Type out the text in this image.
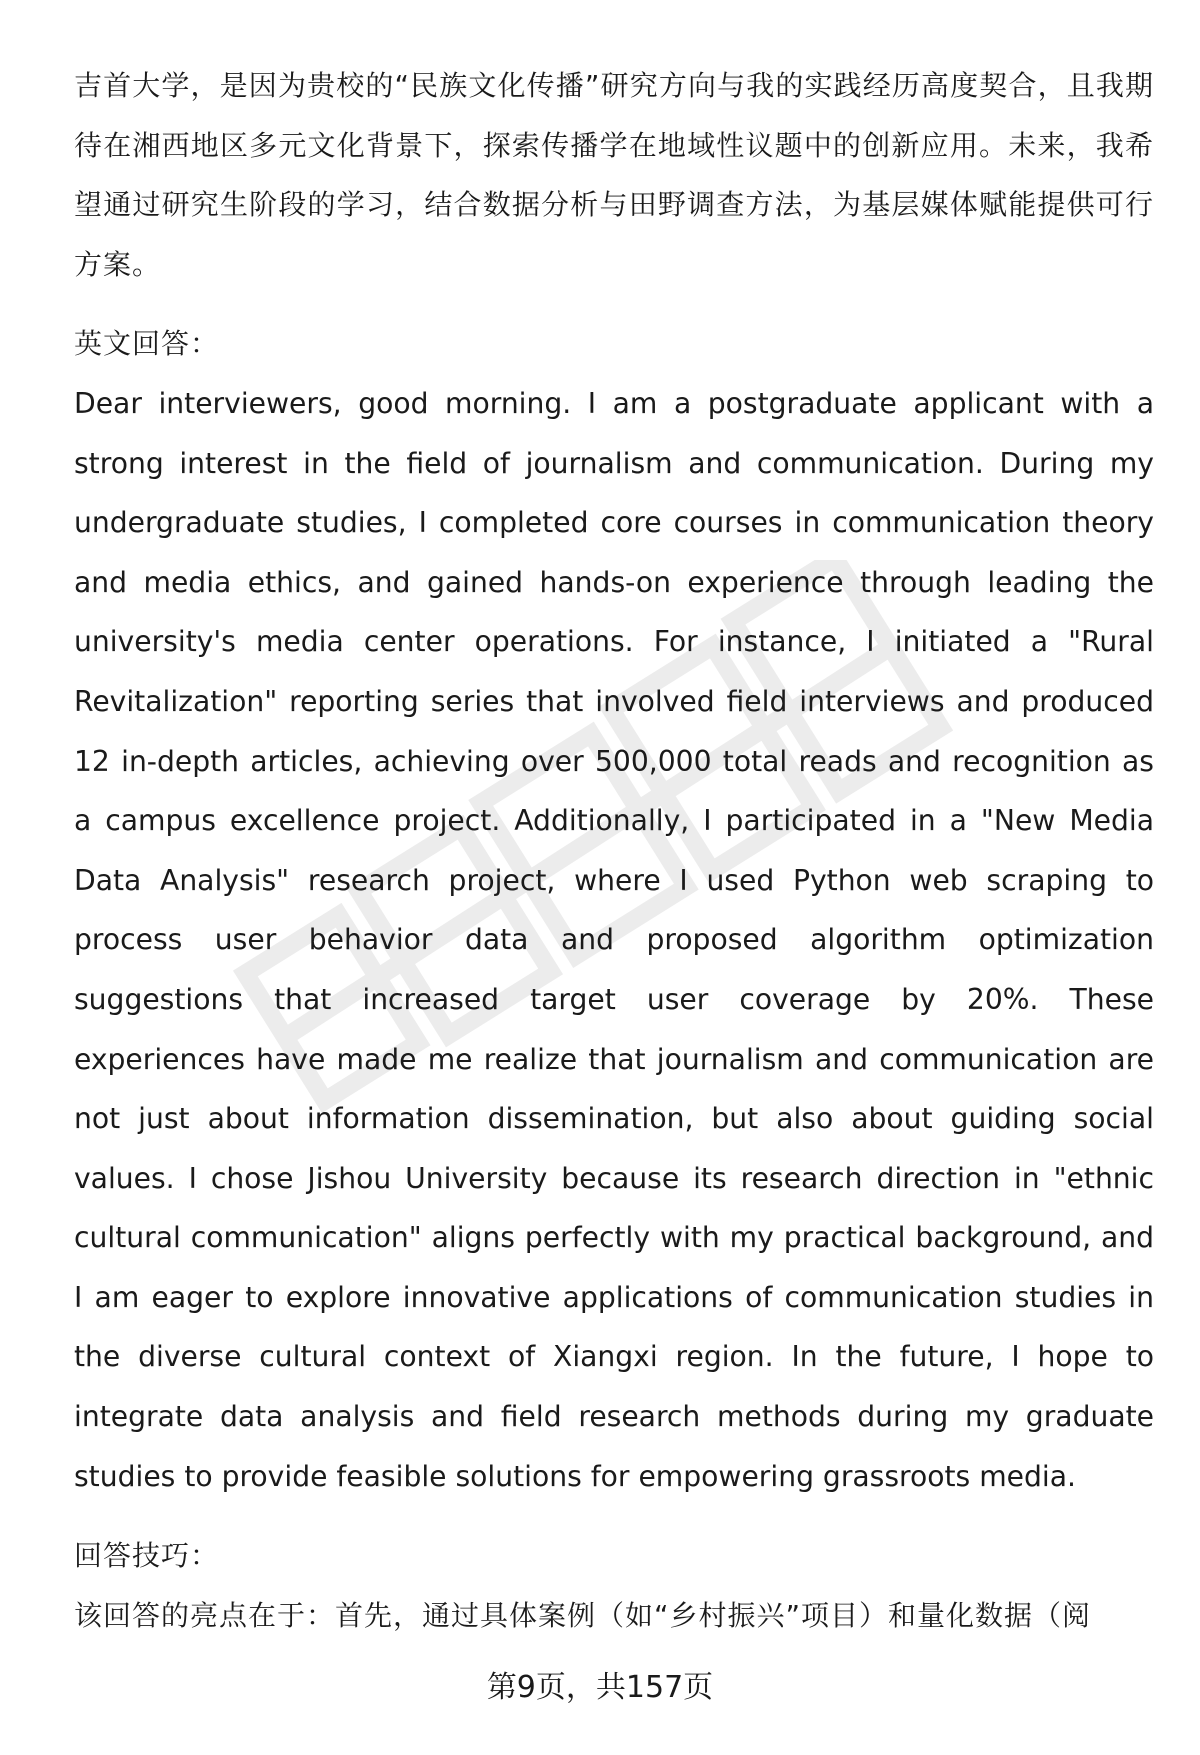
吉首大学，是因为贵校的“民族文化传播”研究方向与我的实践经历高度契合，且我期待在湘西地区多元文化背景下，探索传播学在地域性议题中的创新应用。未来，我希望通过研究生阶段的学习，结合数据分析与田野调查方法，为基层媒体赋能提供可行方案。

英文回答：

Dear interviewers, good morning. I am a postgraduate applicant with a strong interest in the field of journalism and communication. During my undergraduate studies, I completed core courses in communication theory and media ethics, and gained hands-on experience through leading the university's media center operations. For instance, I initiated a "Rural Revitalization" reporting series that involved field interviews and produced 12 in-depth articles, achieving over 500,000 total reads and recognition as a campus excellence project. Additionally, I participated in a "New Media Data Analysis" research project, where I used Python web scraping to process user behavior data and proposed algorithm optimization suggestions that increased target user coverage by 20%. These experiences have made me realize that journalism and communication are not just about information dissemination, but also about guiding social values. I chose Jishou University because its research direction in "ethnic cultural communication" aligns perfectly with my practical background, and I am eager to explore innovative applications of communication studies in the diverse cultural context of Xiangxi region. In the future, I hope to integrate data analysis and field research methods during my graduate studies to provide feasible solutions for empowering grassroots media.

回答技巧：

该回答的亮点在于：首先，通过具体案例（如“乡村振兴”项目）和量化数据（阅

第9页，共157页
